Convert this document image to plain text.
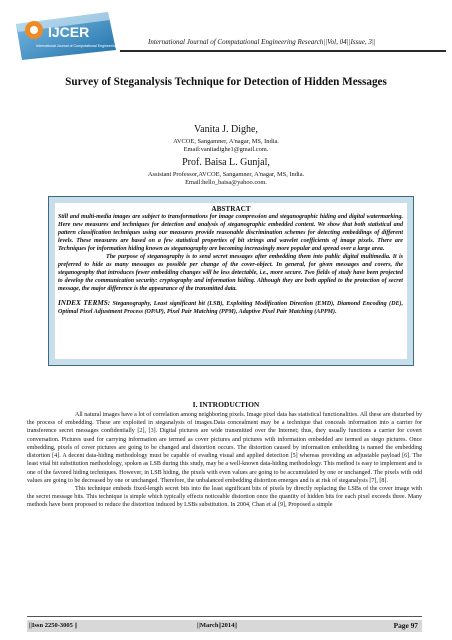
IJCER
International Journal of Computational Engineering Research International Journal of Computational Engineering Research||Vol, 04||Issue, 3||
Survey of Steganalysis Technique for Detection of Hidden Messages
Vanita J. Dighe,
AVCOE, Sangamner, A'nagar, MS, India.
Email:vanitadighe1@gmail.com.
ABSTRACT

Still and multi-media images are subject to transformations for image compression and steganographic hiding and digital watermarking. Here new measures and techniques for detection and analysis of steganographic embedded content. We show that both statistical and pattern classification techniques using our measures provide reasonable discrimination schemes for detecting embeddings of different levels. These measures are based on a few statistical properties of bit strings and wavelet coefficients of image pixels. There are Techniques for information hiding known as steganography are becoming increasingly more popular and spread over a large area.

The purpose of steganography is to send secret messages after embedding them into public digital multimedia. It is preferred to hide as many messages as possible per change of the cover-object. In general, for given messages and covers, the steganography that introduces fewer embedding changes will be less detectable, i.e., more secure. Two fields of study have been projected to develop the communication security: cryptography and information hiding. Although they are both applied to the protection of secret message, the major difference is the appearance of the transmitted data.

INDEX TERMS: Steganography, Least significant bit (LSB), Exploiting Modification Direction (EMD), Diamond Encoding (DE), Optimal Pixel Adjustment Process (OPAP), Pixel Pair Matching (PPM), Adaptive Pixel Pair Matching (APPM).
I. INTRODUCTION

All natural images have a lot of correlation among neighboring pixels. Image pixel data has statistical functionalities. All these are disturbed by the process of embedding. These are exploited in steganalysis of images.Data concealment may be a technique that conceals information into a carrier for transference secret messages confidentially [2], [3]. Digital pictures are wide transmitted over the Internet; thus, they usually functions a carrier for covert conversation. Pictures used for carrying information are termed as cover pictures and pictures with information embedded are termed as stego pictures. Once embedding, pixels of cover pictures are going to be changed and distortion occurs. The distortion caused by information embedding is named the embedding distortion [4]. A decent data-hiding methodology must be capable of evading visual and applied detection [5] whereas providing an adjustable payload [6]. The least vital bit substitution methodology, spoken as LSB during this study, may be a well-known data-hiding methodology. This method is easy to implement and is one of the favored hiding techniques. However, in LSB hiding, the pixels with even values are going to be accumulated by one or unchanged. The pixels with odd values are going to be decreased by one or unchanged. Therefore, the unbalanced embedding distortion emerges and is at risk of steganalysis [7], [8].

This technique embeds fixed-length secret bits into the least significant bits of pixels by directly replacing the LSBs of the cover image with the secret message bits. This technique is simple which typically effects noticeable distortion once the quantity of hidden bits for each pixel exceeds three. Many methods have been proposed to reduce the distortion induced by LSBs substitution. In 2004, Chan et al [9], Proposed a simple

||Issn 2250-3005 ||	||March||2014||	Page 97
Prof. Baisa L. Gunjal,
Assistant Professor,AVCOE, Sangamner, A'nagar, MS, India.
Email:hello_baisa@yahoo.com.
